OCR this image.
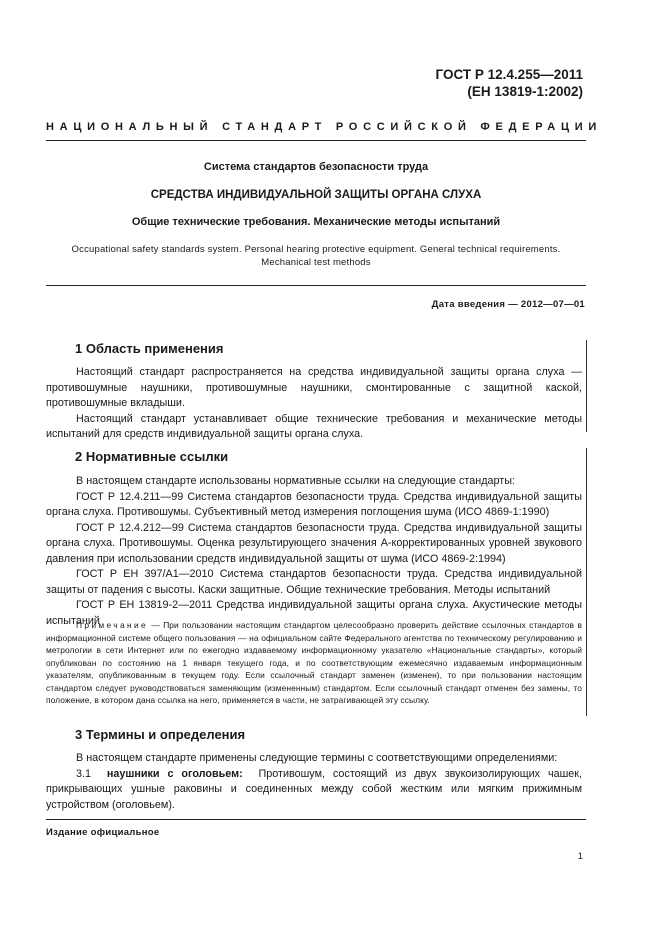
ГОСТ Р 12.4.255—2011
(ЕН 13819-1:2002)
НАЦИОНАЛЬНЫЙ СТАНДАРТ РОССИЙСКОЙ ФЕДЕРАЦИИ
Система стандартов безопасности труда
СРЕДСТВА ИНДИВИДУАЛЬНОЙ ЗАЩИТЫ ОРГАНА СЛУХА
Общие технические требования. Механические методы испытаний
Occupational safety standards system. Personal hearing protective equipment. General technical requirements.
Mechanical test methods
Дата введения — 2012—07—01
1 Область применения

Настоящий стандарт распространяется на средства индивидуальной защиты органа слуха — противошумные наушники, противошумные наушники, смонтированные с защитной каской, противошумные вкладыши.

Настоящий стандарт устанавливает общие технические требования и механические методы испытаний для средств индивидуальной защиты органа слуха.

2 Нормативные ссылки

В настоящем стандарте использованы нормативные ссылки на следующие стандарты:

ГОСТ Р 12.4.211—99 Система стандартов безопасности труда. Средства индивидуальной защиты органа слуха. Противошумы. Субъективный метод измерения поглощения шума (ИСО 4869-1:1990)

ГОСТ Р 12.4.212—99 Система стандартов безопасности труда. Средства индивидуальной защиты органа слуха. Противошумы. Оценка результирующего значения А-корректированных уровней звукового давления при использовании средств индивидуальной защиты от шума (ИСО 4869-2:1994)

ГОСТ Р ЕН 397/А1—2010 Система стандартов безопасности труда. Средства индивидуальной защиты от падения с высоты. Каски защитные. Общие технические требования. Методы испытаний

ГОСТ Р ЕН 13819-2—2011 Средства индивидуальной защиты органа слуха. Акустические методы испытаний

Примечание — При пользовании настоящим стандартом целесообразно проверить действие ссылочных стандартов в информационной системе общего пользования — на официальном сайте Федерального агентства по техническому регулированию и метрологии в сети Интернет или по ежегодно издаваемому информационному указателю «Национальные стандарты», который опубликован по состоянию на 1 января текущего года, и по соответствующим ежемесячно издаваемым информационным указателям, опубликованным в текущем году. Если ссылочный стандарт заменен (изменен), то при пользовании настоящим стандартом следует руководствоваться заменяющим (измененным) стандартом. Если ссылочный стандарт отменен без замены, то положение, в котором дана ссылка на него, применяется в части, не затрагивающей эту ссылку.

3 Термины и определения

В настоящем стандарте применены следующие термины с соответствующими определениями:

3.1 наушники с оголовьем: Противошум, состоящий из двух звукоизолирующих чашек, прикрывающих ушные раковины и соединенных между собой жестким или мягким прижимным устройством (оголовьем).

Издание официальное
1
